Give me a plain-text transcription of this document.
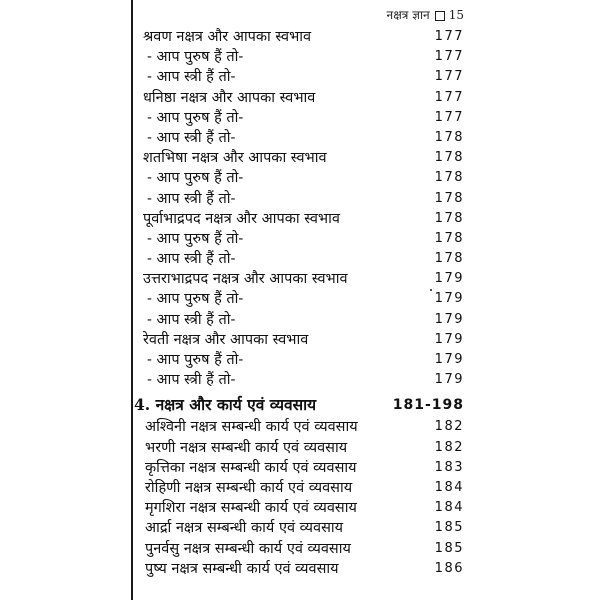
नक्षत्र ज्ञान 15
श्रवण नक्षत्र और आपका स्वभाव	177
- आप पुरुष हैं तो-	177
- आप स्त्री हैं तो-	177
धनिष्ठा नक्षत्र और आपका स्वभाव	177
- आप पुरुष हैं तो-	177
- आप स्त्री हैं तो-	178
शतभिषा नक्षत्र और आपका स्वभाव	178
- आप पुरुष हैं तो-	178
- आप स्त्री हैं तो-	178
पूर्वाभाद्रपद नक्षत्र और आपका स्वभाव	178
- आप पुरुष हैं तो-	178
- आप स्त्री हैं तो-	178
उत्तराभाद्रपद नक्षत्र और आपका स्वभाव	179
- आप पुरुष हैं तो-	179
- आप स्त्री हैं तो-	179
रेवती नक्षत्र और आपका स्वभाव	179
- आप पुरुष हैं तो-	179
- आप स्त्री हैं तो-	179
4. नक्षत्र और कार्य एवं व्यवसाय	181-198
अश्विनी नक्षत्र सम्बन्धी कार्य एवं व्यवसाय	182
भरणी नक्षत्र सम्बन्धी कार्य एवं व्यवसाय	182
कृत्तिका नक्षत्र सम्बन्धी कार्य एवं व्यवसाय	183
रोहिणी नक्षत्र सम्बन्धी कार्य एवं व्यवसाय	184
मृगशिरा नक्षत्र सम्बन्धी कार्य एवं व्यवसाय	184
आर्द्रा नक्षत्र सम्बन्धी कार्य एवं व्यवसाय	185
पुनर्वसु नक्षत्र सम्बन्धी कार्य एवं व्यवसाय	185
पुष्य नक्षत्र सम्बन्धी कार्य एवं व्यवसाय	186
